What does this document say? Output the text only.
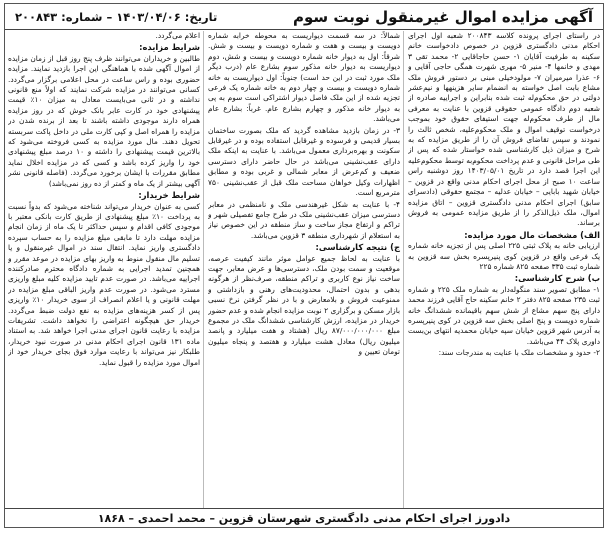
آگهی مزایده اموال غیرمنقول نوبت سوم
تاریخ: ۱۴۰۳/۰۴/۰۶ – شماره: ۲۰۰۸۴۳

در راستای اجرای پرونده کلاسه ۲۰۰۸۴۳ شعبه اول اجرای احکام مدنی دادگستری قزوین در خصوص دادخواست خانم سکینه به طرفیت آقایان ۱- حسن حاجاقایی ۲- محمد تقی ۳ مهدی و خانمها ۴- منیر ۵- مهری شهرت همگی حاجی آقایی و ۶- عذرا میرمیران ۷- مولودخیلی مبنی بر دستور فروش ملک مشاع بابت اصل خواسته به انضمام سایر هزینهها و نیم‌عشر دولتی در حق محکوم‌له ثبت شده بنابراین و اجراییه صادره از شعبه دوم دادگاه عمومی حقوقی قزوین با عنایت به معرفی مال از طرف محکوم‌له جهت استیفای حقوق خود بموجب درخواست توقیف اموال و ملک محکوم‌علیه، شخص ثالث را نمودند و سپس تقاضای فروش آن را از طریق مزایده که به شرح و میزان ذیل کارشناسی شده خواستار شده که پس از طی مراحل قانونی و عدم پرداخت محکوم‌به توسط محکوم‌علیه این اجرا قصد دارد در تاریخ ۱۴۰۳/۰۵/۰۱ روز دوشنبه راس ساعت ۱۰ صبح از محل اجرای احکام مدنی واقع در قزوین – خیابان شهید بابایی – خیابان عدلیه – مجتمع حقوقی (دادسرای سابق) اجرای احکام مدنی دادگستری قزوین – اتاق مزایده اموال، ملک ذیل‌الذکر را از طریق مزایده عمومی به فروش برساند.

الف) مشخصات مال مورد مزایده:

ارزیابی خانه به پلاک ثبتی ۲۲۵ اصلی پس از تجزیه خانه شماره یک فرعی واقع در قزوین کوی پنیرپسره بخش سه قزوین به شماره ثبت ۳۳۵ صفحه ۸۲۵ شماره ۲۲۵

ب) شرح کارشناسی:

۱- مطابق تصویر سند منگوله‌دار به شماره ملک ۲۲۵ و شماره ثبت ۲۳۵ صفحه ۸۲۵ دفتر ۲ خانم سکینه حاج آقایی فرزند محمد دارای پنج سهم مشاع از شش سهم باقیمانده ششدانگ خانه شماره دویست و پنج اصلی بخش سه قزوین در کوی پنیرپسره به آدرس شهر قزوین خیابان سپه خیابان محمدیه انتهای بن‌بست داوری پلاک ۴۴ می‌باشد.

۲- حدود و مشخصات ملک با عنایت به مندرجات سند:

شمالاً: در سه قسمت دیواریست به محوطه خرابه شماره دویست و بیست و هفت و شماره دویست و بیست و شش. شرقاً: اول به دیوار خانه شماره دویست و بیست و شش، دوم دیواریست به دیوار خانه مذکور سوم بشارع عام (درب دیگر ملک مورد ثبت در این حد است) جنوباً: اول دیواریست به خانه شماره دویست و بیست و چهار دوم به خانه شماره یک فرعی تجزیه شده از این ملک فاصل دیوار اشتراکی است سوم به پی به دیوار خانه مذکور و چهارم بشارع عام. غرباً: بشارع عام می‌باشد.

۳- در زمان بازدید مشاهده گردید که ملک بصورت ساختمان بسیار قدیمی و فرسوده و غیرقابل استفاده بوده و در غیرقابل سکونت و بهره‌برداری معمول می‌باشد. با عنایت به اینکه ملک دارای عقب‌نشینی می‌باشد در حال حاضر دارای دسترسی ضعیف و کم‌عرض از معابر شمالی و غربی بوده و مطابق اظهارات وکیل خواهان مساحت ملک قبل از عقب‌نشینی ۷۵۰ مترمربع است.

۴- با عنایت به شکل غیرهندسی ملک و نامنظمی در معابر دسترسی میزان عقب‌نشینی ملک در طرح جامع تفصیلی شهر و تراکم و ارتفاع مجاز ساخت و ساز منطقه در این خصوص نیاز به استعلام از شهرداری منطقه ۳ قزوین می‌باشد.

ج) نتیجه کارشناسی:

با عنایت به لحاظ جمیع عوامل موثر مانند کیفیت عرصه، موقعیت و سمت بودن ملک، دسترسی‌ها و عرض معابر، جهت ساخت نیاز نوع کاربری و تراکم منطقه، صرف‌نظر از هرگونه بدهی و بدون احتمال، محدودیت‌های رهنی و بازداشتی و ممنوعیت فروش و بلامعارض و با در نظر گرفتن نرخ نسبی بازار مسکن و برگزاری ۲ نوبت مزایده انجام شده و عدم حضور خریدار در مزایده، ارزش کارشناسی ششدانگ ملک در مجموع مبلغ ۸۷/۰۰۰/۰۰۰/۰۰۰ ریال (هشتاد و هفت میلیارد و پانصد میلیون ریال) معادل هشت میلیارد و هفتصد و پنجاه میلیون تومان تعیین و

اعلام می‌گردد.

شرایط مزایده:

طالبین و خریداران می‌توانند ظرف پنج روز قبل از زمان مزایده از اموال آگهی شده با هماهنگی این اجرا بازدید نمایند. مزایده حضوری بوده و راس ساعت در محل اعلامی برگزار می‌گردد. کسانی می‌توانند در مزایده شرکت نمایند که اولاً منع قانونی نداشته و در ثانی می‌بایست معادل به میزان ۱۰٪ قیمت پیشنهادی خود در کارت عابر بانک خوش که در روز مزایده همراه دارند موجودی داشته باشند تا بعد از برنده شدن در مزایده را همراه اصل و کپی کارت ملی در داخل پاکت سربسته تحویل دهند. مال مورد مزایده به کسی فروخته می‌شود که بالاترین قیمت پیشنهادی را داشته و ۱۰ درصد مبلغ پیشنهادی خود را واریز کرده باشد و کسی که در مزایده اخلال نماید مطابق مقررات با ایشان برخورد می‌گردد. (فاصله قانونی نشر آگهی بیشتر از یک ماه و کمتر از ده روز نمی‌باشد)

شرایط خریدار:

کسی به عنوان خریدار می‌تواند شناخته می‌شود که بدواً نسبت به پرداخت ۱۰٪ مبلغ پیشنهادی از طریق کارت بانکی معتبر با موجودی کافی اقدام و سپس حداکثر تا یک ماه از زمان انجام مزایده مهلت دارد تا مابقی مبلغ مزایده را به حساب سپرده دادگستری واریز نماید. انتقال سند در اموال غیرمنقول و یا تسلیم مال منقول منوط به واریز بهای مزایده در موعد مقرر و همچنین تمدید اجرایی به شماره دادگاه محترم صادرکننده اجراییه می‌باشد. در صورت عدم تایید مزایده کلیه مبلغ واریزی مسترد می‌شود. در صورت عدم واریز الباقی مبلغ مزایده در مهلت قانونی و یا اعلام انصراف از سوی خریدار ۱۰٪ واریزی پس از کسر هزینه‌های مزایده به نفع دولت ضبط می‌گردد. خریدار حق هیچگونه اعتراضی را نخواهد داشت. تشریفات مزایده با رعایت قانون اجرای مدنی اجرا خواهد شد. به استناد ماده ۱۳۱ قانون اجرای احکام مدنی در صورت نبود خریدار، طلبکار نیز می‌تواند با رعایت موارد فوق بجای خریدار خود از اموال مورد مزایده را قبول نماید.

دادورز اجرای احکام مدنی دادگستری شهرستان قزوین – محمد احمدی – ۱۸۶۸
